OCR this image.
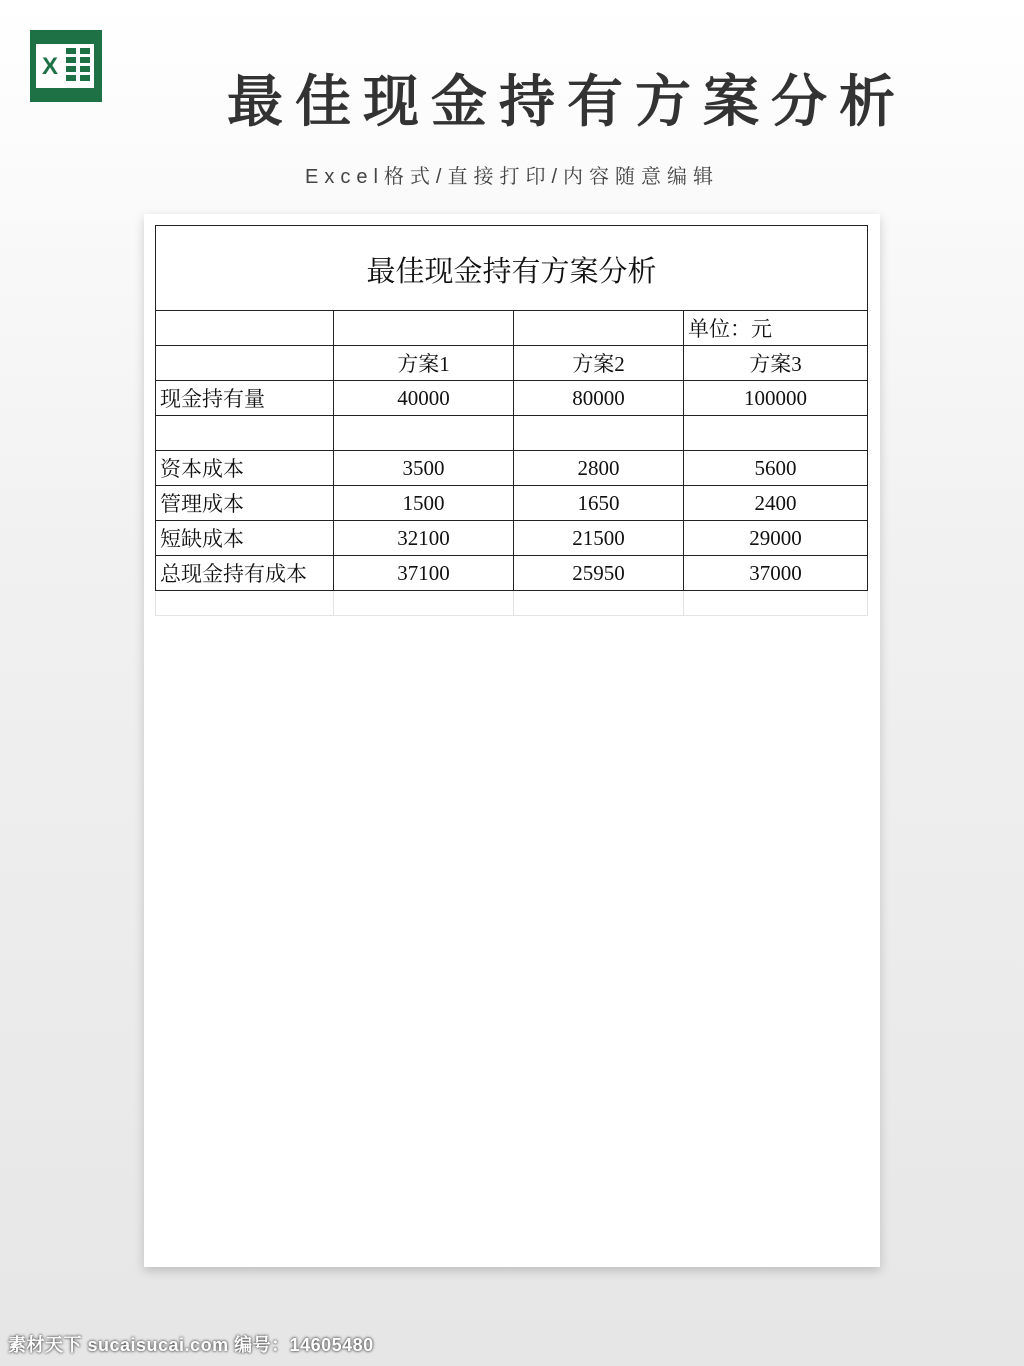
X
最佳现金持有方案分析
Excel格式/直接打印/内容随意编辑
最佳现金持有方案分析			
			单位：元
	方案1	方案2	方案3
现金持有量	40000	80000	100000

资本成本	3500	2800	5600
管理成本	1500	1650	2400
短缺成本	32100	21500	29000
总现金持有成本	37100	25950	37000

素材天下 sucaisucai.com 编号：14605480
